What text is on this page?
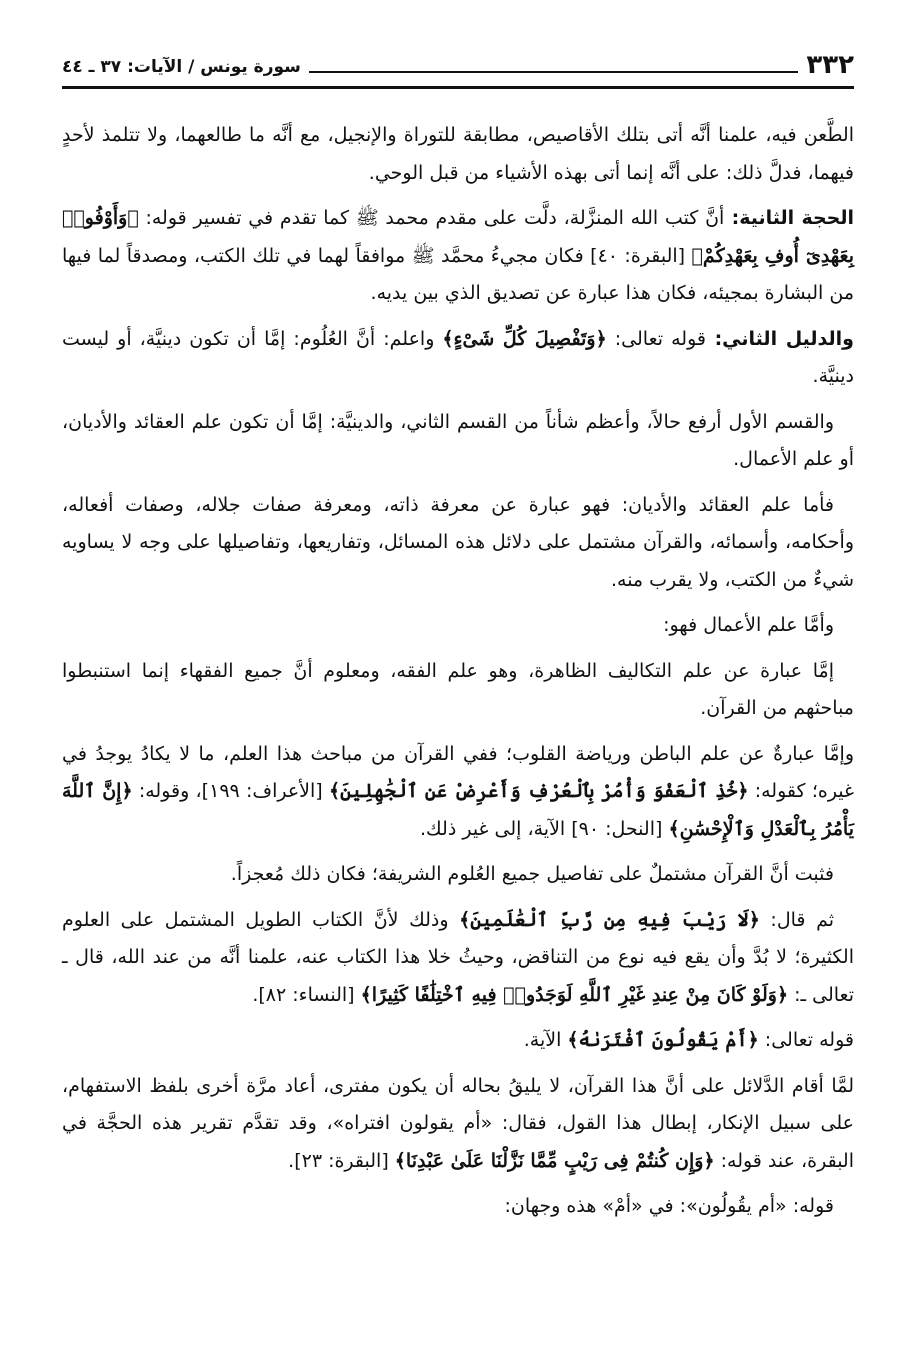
٣٣٢
سورة يونس / الآيات: ٣٧ ـ ٤٤

الطَّعن فيه، علمنا أنَّه أتى بتلك الأقاصيص، مطابقة للتوراة والإنجيل، مع أنَّه ما طالعهما، ولا تتلمذ لأحدٍ فيهما، فدلَّ ذلك: على أنَّه إنما أتى بهذه الأشياء من قبل الوحي.

الحجة الثانية: أنَّ كتب الله المنزَّلة، دلَّت على مقدم محمد ﷺ كما تقدم في تفسير قوله: ﴿وَأَوْفُوا۟ بِعَهْدِىٓ أُوفِ بِعَهْدِكُمْ﴾ [البقرة: ٤٠] فكان مجيءُ محمَّد ﷺ موافقاً لهما في تلك الكتب، ومصدقاً لما فيها من البشارة بمجيئه، فكان هذا عبارة عن تصديق الذي بين يديه.

والدليل الثاني: قوله تعالى: ﴿وَتَفْصِيلَ كُلِّ شَىْءٍ﴾ واعلم: أنَّ العُلُوم: إمَّا أن تكون دينيَّة، أو ليست دينيَّة.

والقسم الأول أرفع حالاً، وأعظم شأناً من القسم الثاني، والدينيَّة: إمَّا أن تكون علم العقائد والأديان، أو علم الأعمال.

فأما علم العقائد والأديان: فهو عبارة عن معرفة ذاته، ومعرفة صفات جلاله، وصفات أفعاله، وأحكامه، وأسمائه، والقرآن مشتمل على دلائل هذه المسائل، وتفاريعها، وتفاصيلها على وجه لا يساويه شيءٌ من الكتب، ولا يقرب منه.

وأمَّا علم الأعمال فهو:

إمَّا عبارة عن علم التكاليف الظاهرة، وهو علم الفقه، ومعلوم أنَّ جميع الفقهاء إنما استنبطوا مباحثهم من القرآن.

وإمَّا عبارةٌ عن علم الباطن ورياضة القلوب؛ ففي القرآن من مباحث هذا العلم، ما لا يكادُ يوجدُ في غيره؛ كقوله: ﴿خُذِ ٱلْعَفْوَ وَأْمُرْ بِٱلْعُرْفِ وَأَعْرِضْ عَنِ ٱلْجَٰهِلِينَ﴾ [الأعراف: ١٩٩]، وقوله: ﴿إِنَّ ٱللَّهَ يَأْمُرُ بِٱلْعَدْلِ وَٱلْإِحْسَٰنِ﴾ [النحل: ٩٠] الآية، إلى غير ذلك.

فثبت أنَّ القرآن مشتملٌ على تفاصيل جميع العُلوم الشريفة؛ فكان ذلك مُعجزاً.

ثم قال: ﴿لَا رَيْبَ فِيهِ مِن رَّبِّ ٱلْعَٰلَمِينَ﴾ وذلك لأنَّ الكتاب الطويل المشتمل على العلوم الكثيرة؛ لا بُدَّ وأن يقع فيه نوع من التناقض، وحيثُ خلا هذا الكتاب عنه، علمنا أنَّه من عند الله، قال ـ تعالى ـ: ﴿وَلَوْ كَانَ مِنْ عِندِ غَيْرِ ٱللَّهِ لَوَجَدُوا۟ فِيهِ ٱخْتِلَٰفًا كَثِيرًا﴾ [النساء: ٨٢].

قوله تعالى: ﴿أَمْ يَقُولُونَ ٱفْتَرَىٰهُ﴾ الآية.

لمَّا أقام الدَّلائل على أنَّ هذا القرآن، لا يليقُ بحاله أن يكون مفترى، أعاد مرَّة أخرى بلفظ الاستفهام، على سبيل الإنكار، إبطال هذا القول، فقال: «أم يقولون افتراه»، وقد تقدَّم تقرير هذه الحجَّة في البقرة، عند قوله: ﴿وَإِن كُنتُمْ فِى رَيْبٍ مِّمَّا نَزَّلْنَا عَلَىٰ عَبْدِنَا﴾ [البقرة: ٢٣].

قوله: «أم يقُولُون»: في «أمْ» هذه وجهان:
